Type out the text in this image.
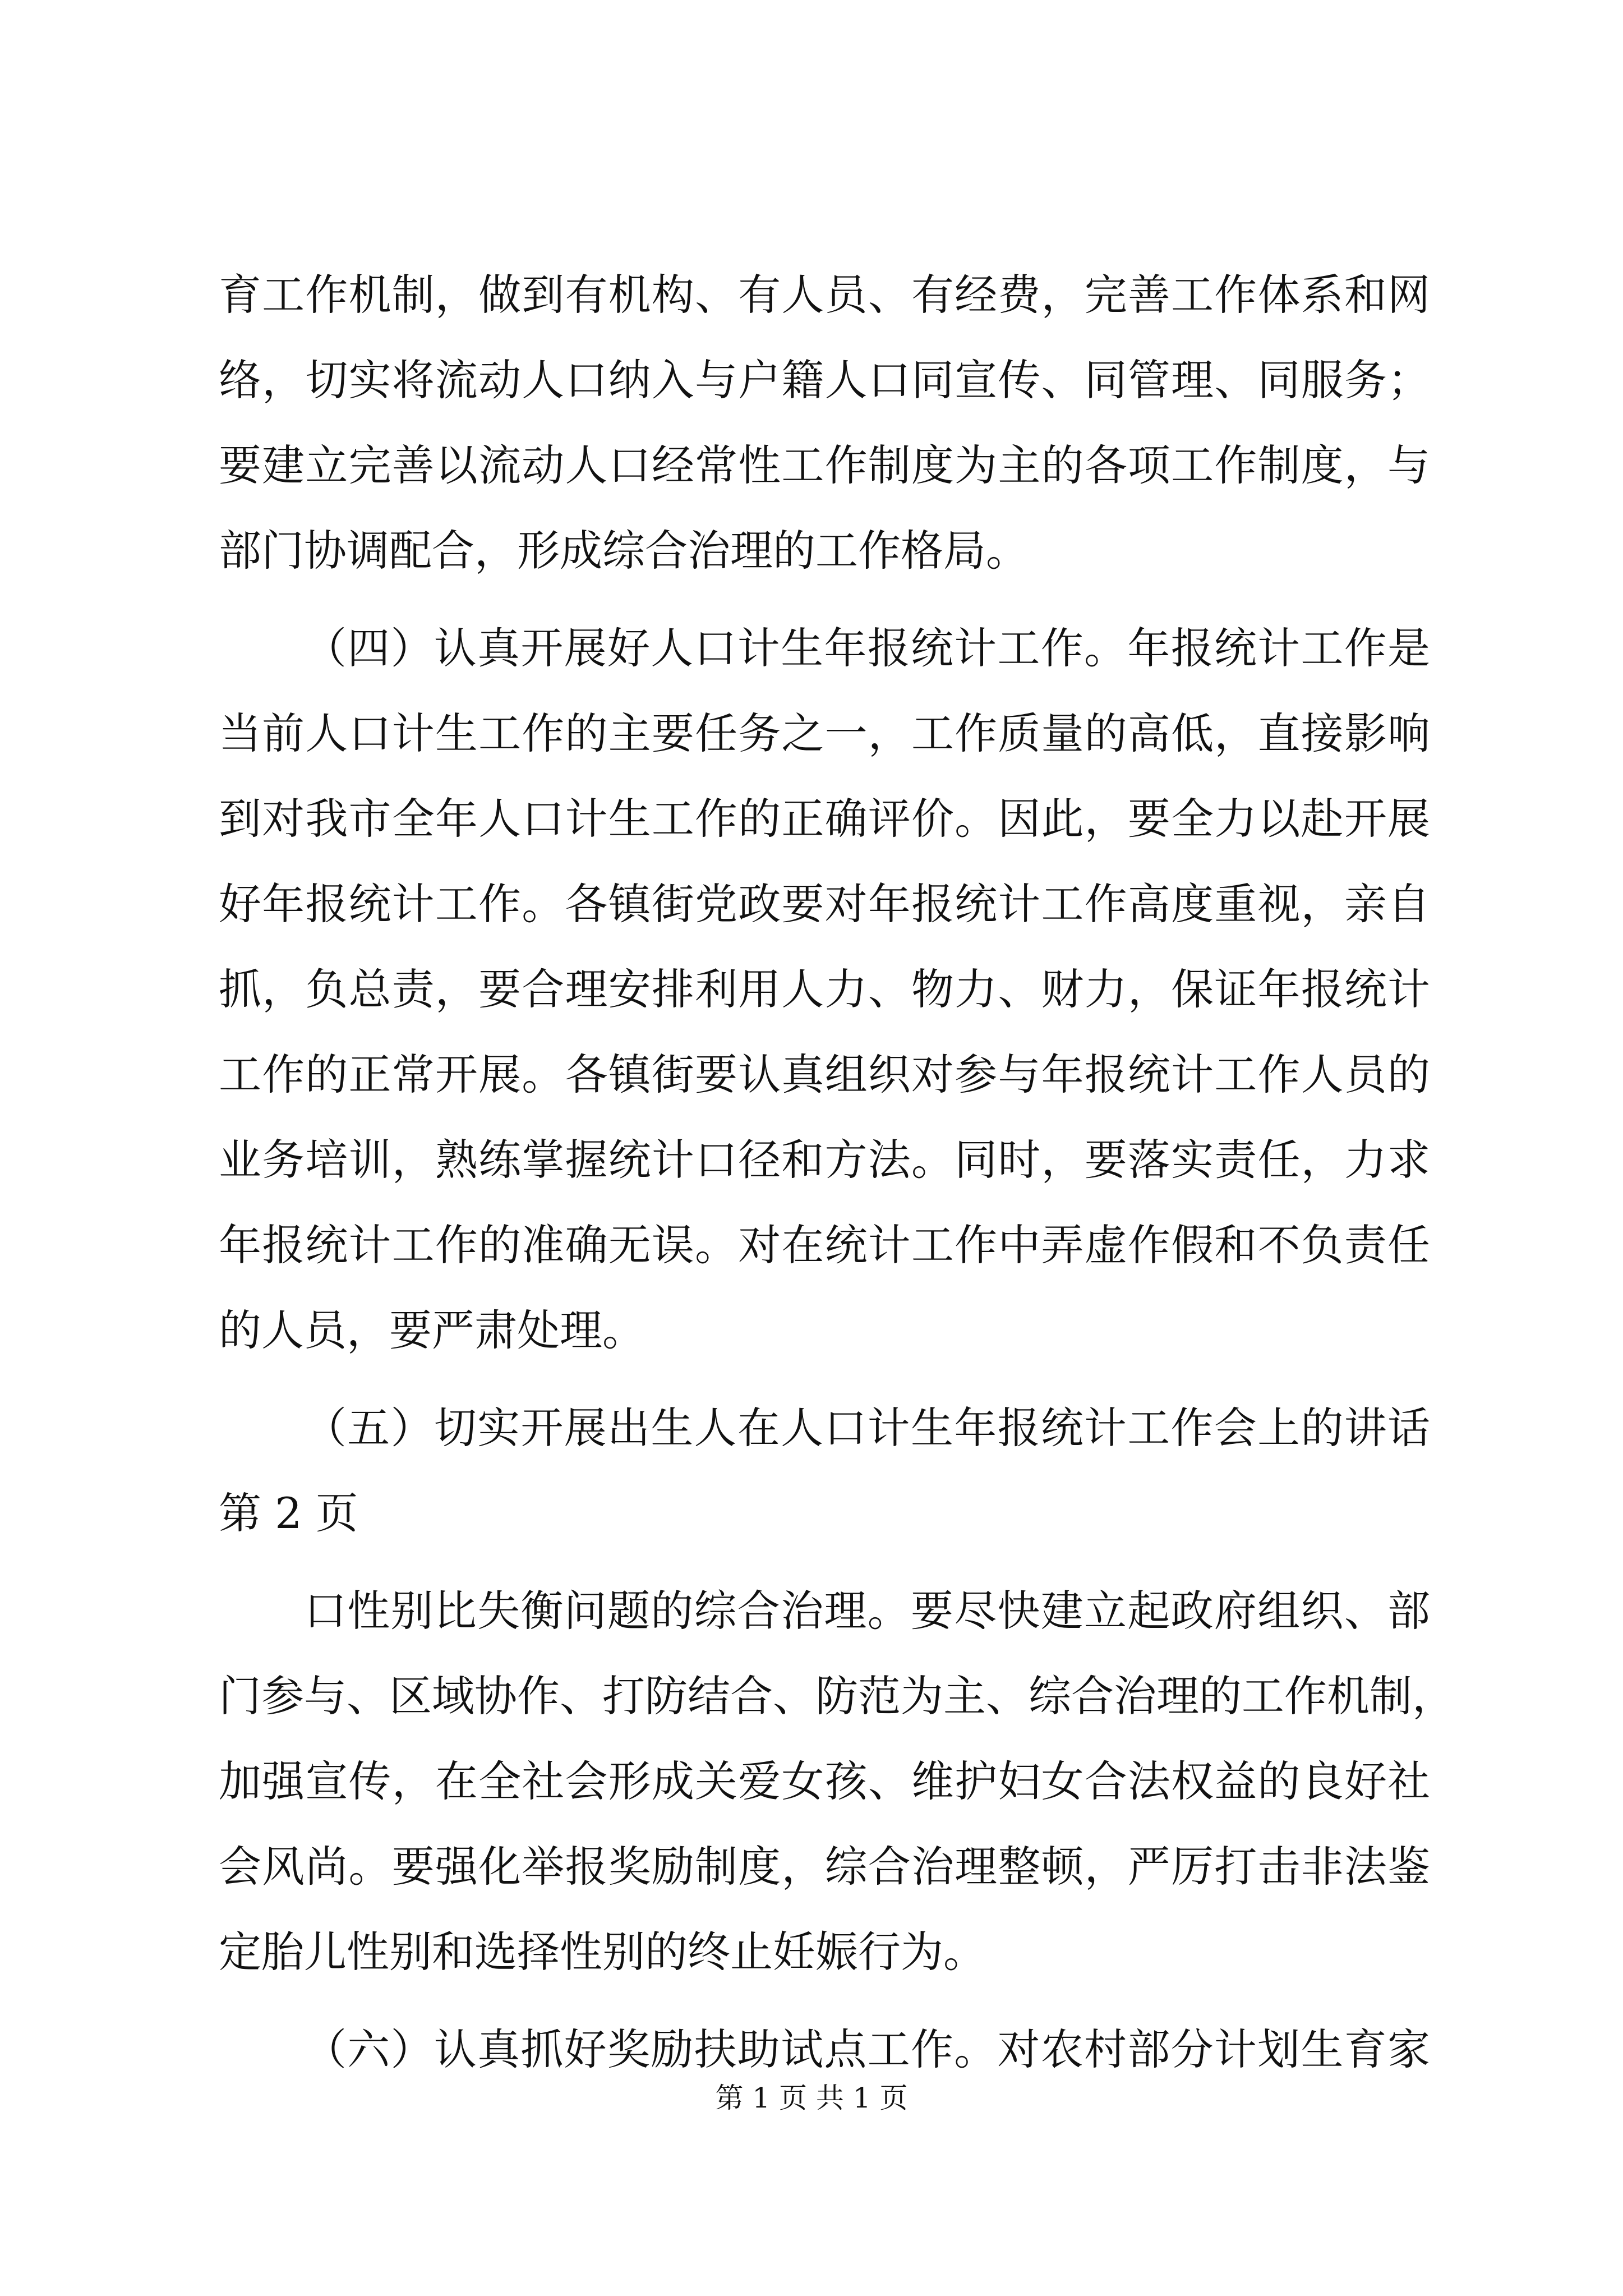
育工作机制，做到有机构、有人员、有经费，完善工作体系和网
络，切实将流动人口纳入与户籍人口同宣传、同管理、同服务；
要建立完善以流动人口经常性工作制度为主的各项工作制度，与
部门协调配合，形成综合治理的工作格局。
（四）认真开展好人口计生年报统计工作。年报统计工作是
当前人口计生工作的主要任务之一，工作质量的高低，直接影响
到对我市全年人口计生工作的正确评价。因此，要全力以赴开展
好年报统计工作。各镇街党政要对年报统计工作高度重视，亲自
抓，负总责，要合理安排利用人力、物力、财力，保证年报统计
工作的正常开展。各镇街要认真组织对参与年报统计工作人员的
业务培训，熟练掌握统计口径和方法。同时，要落实责任，力求
年报统计工作的准确无误。对在统计工作中弄虚作假和不负责任
的人员，要严肃处理。
（五）切实开展出生人在人口计生年报统计工作会上的讲话
第 2 页
口性别比失衡问题的综合治理。要尽快建立起政府组织、部
门参与、区域协作、打防结合、防范为主、综合治理的工作机制，
加强宣传，在全社会形成关爱女孩、维护妇女合法权益的良好社
会风尚。要强化举报奖励制度，综合治理整顿，严厉打击非法鉴
定胎儿性别和选择性别的终止妊娠行为。
（六）认真抓好奖励扶助试点工作。对农村部分计划生育家
第 1 页 共 1 页
